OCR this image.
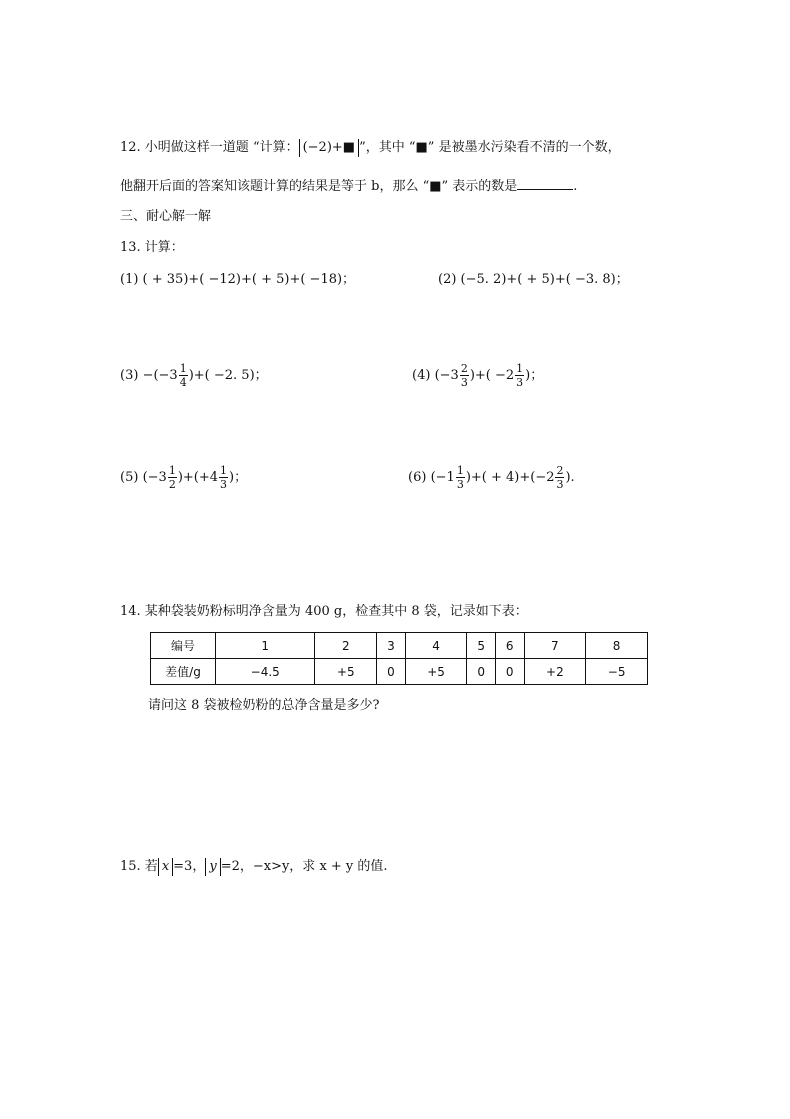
12. 小明做这样一道题 “计算： (−2)+■ ”，其中 “■” 是被墨水污染看不清的一个数，
他翻开后面的答案知该题计算的结果是等于 b，那么 “■” 表示的数是	.
三、耐心解一解
13. 计算：
(1) ( + 35)+( −12)+( + 5)+( −18)；	(2) (−5. 2)+( + 5)+( −3. 8)；
$(3) -(-3 \frac{1}{4}$ )+( −2. 5)；	(4) ($-3 \frac{2}{3}$ )+( $-2 \frac{1}{3}$ )；
(5) $(-3 \frac{1}{2} )+(+4 \frac{1}{3}$ )；	(6) ($-1 \frac{1}{3}$ )+( + $4)+(-2 \frac{2}{3}$ ).
14. 某种袋装奶粉标明净含量为 400 g，检查其中 8 袋，记录如下表：
编号	1	2	3	4	5	6	7	8
差值/g	−4.5	+5	0	+5	0	0	+2	−5
请问这 8 袋被检奶粉的总净含量是多少?
15. 若 x =3， y =2，−x>y，求 x + y 的值.
